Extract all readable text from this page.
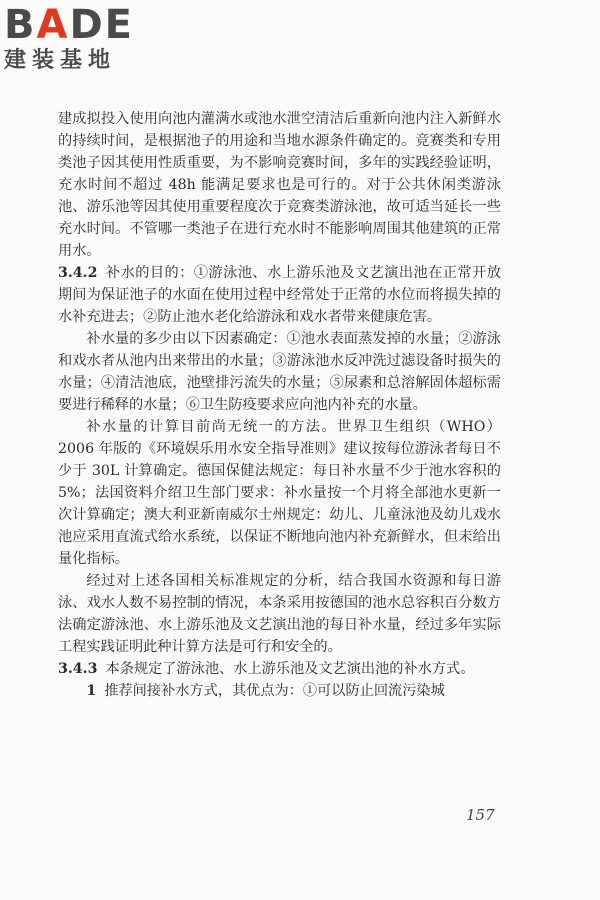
BADE
建装基地

建成拟投入使用向池内灌满水或池水泄空清洁后重新向池内注入新鲜水的持续时间，是根据池子的用途和当地水源条件确定的。竞赛类和专用类池子因其使用性质重要，为不影响竞赛时间，多年的实践经验证明，充水时间不超过 48h 能满足要求也是可行的。对于公共休闲类游泳池、游乐池等因其使用重要程度次于竞赛类游泳池，故可适当延长一些充水时间。不管哪一类池子在进行充水时不能影响周围其他建筑的正常用水。

3.4.2 补水的目的：①游泳池、水上游乐池及文艺演出池在正常开放期间为保证池子的水面在使用过程中经常处于正常的水位而将损失掉的水补充进去；②防止池水老化给游泳和戏水者带来健康危害。

补水量的多少由以下因素确定：①池水表面蒸发掉的水量；②游泳和戏水者从池内出来带出的水量；③游泳池水反冲洗过滤设备时损失的水量；④清洁池底，池壁排污流失的水量；⑤尿素和总溶解固体超标需要进行稀释的水量；⑥卫生防疫要求应向池内补充的水量。

补水量的计算目前尚无统一的方法。世界卫生组织（WHO）2006 年版的《环境娱乐用水安全指导准则》建议按每位游泳者每日不少于 30L 计算确定。德国保健法规定：每日补水量不少于池水容积的 5%；法国资料介绍卫生部门要求：补水量按一个月将全部池水更新一次计算确定；澳大利亚新南威尔士州规定：幼儿、儿童泳池及幼儿戏水池应采用直流式给水系统，以保证不断地向池内补充新鲜水，但未给出量化指标。

经过对上述各国相关标准规定的分析，结合我国水资源和每日游泳、戏水人数不易控制的情况，本条采用按德国的池水总容积百分数方法确定游泳池、水上游乐池及文艺演出池的每日补水量，经过多年实际工程实践证明此种计算方法是可行和安全的。

3.4.3 本条规定了游泳池、水上游乐池及文艺演出池的补水方式。

1 推荐间接补水方式，其优点为：①可以防止回流污染城

157
